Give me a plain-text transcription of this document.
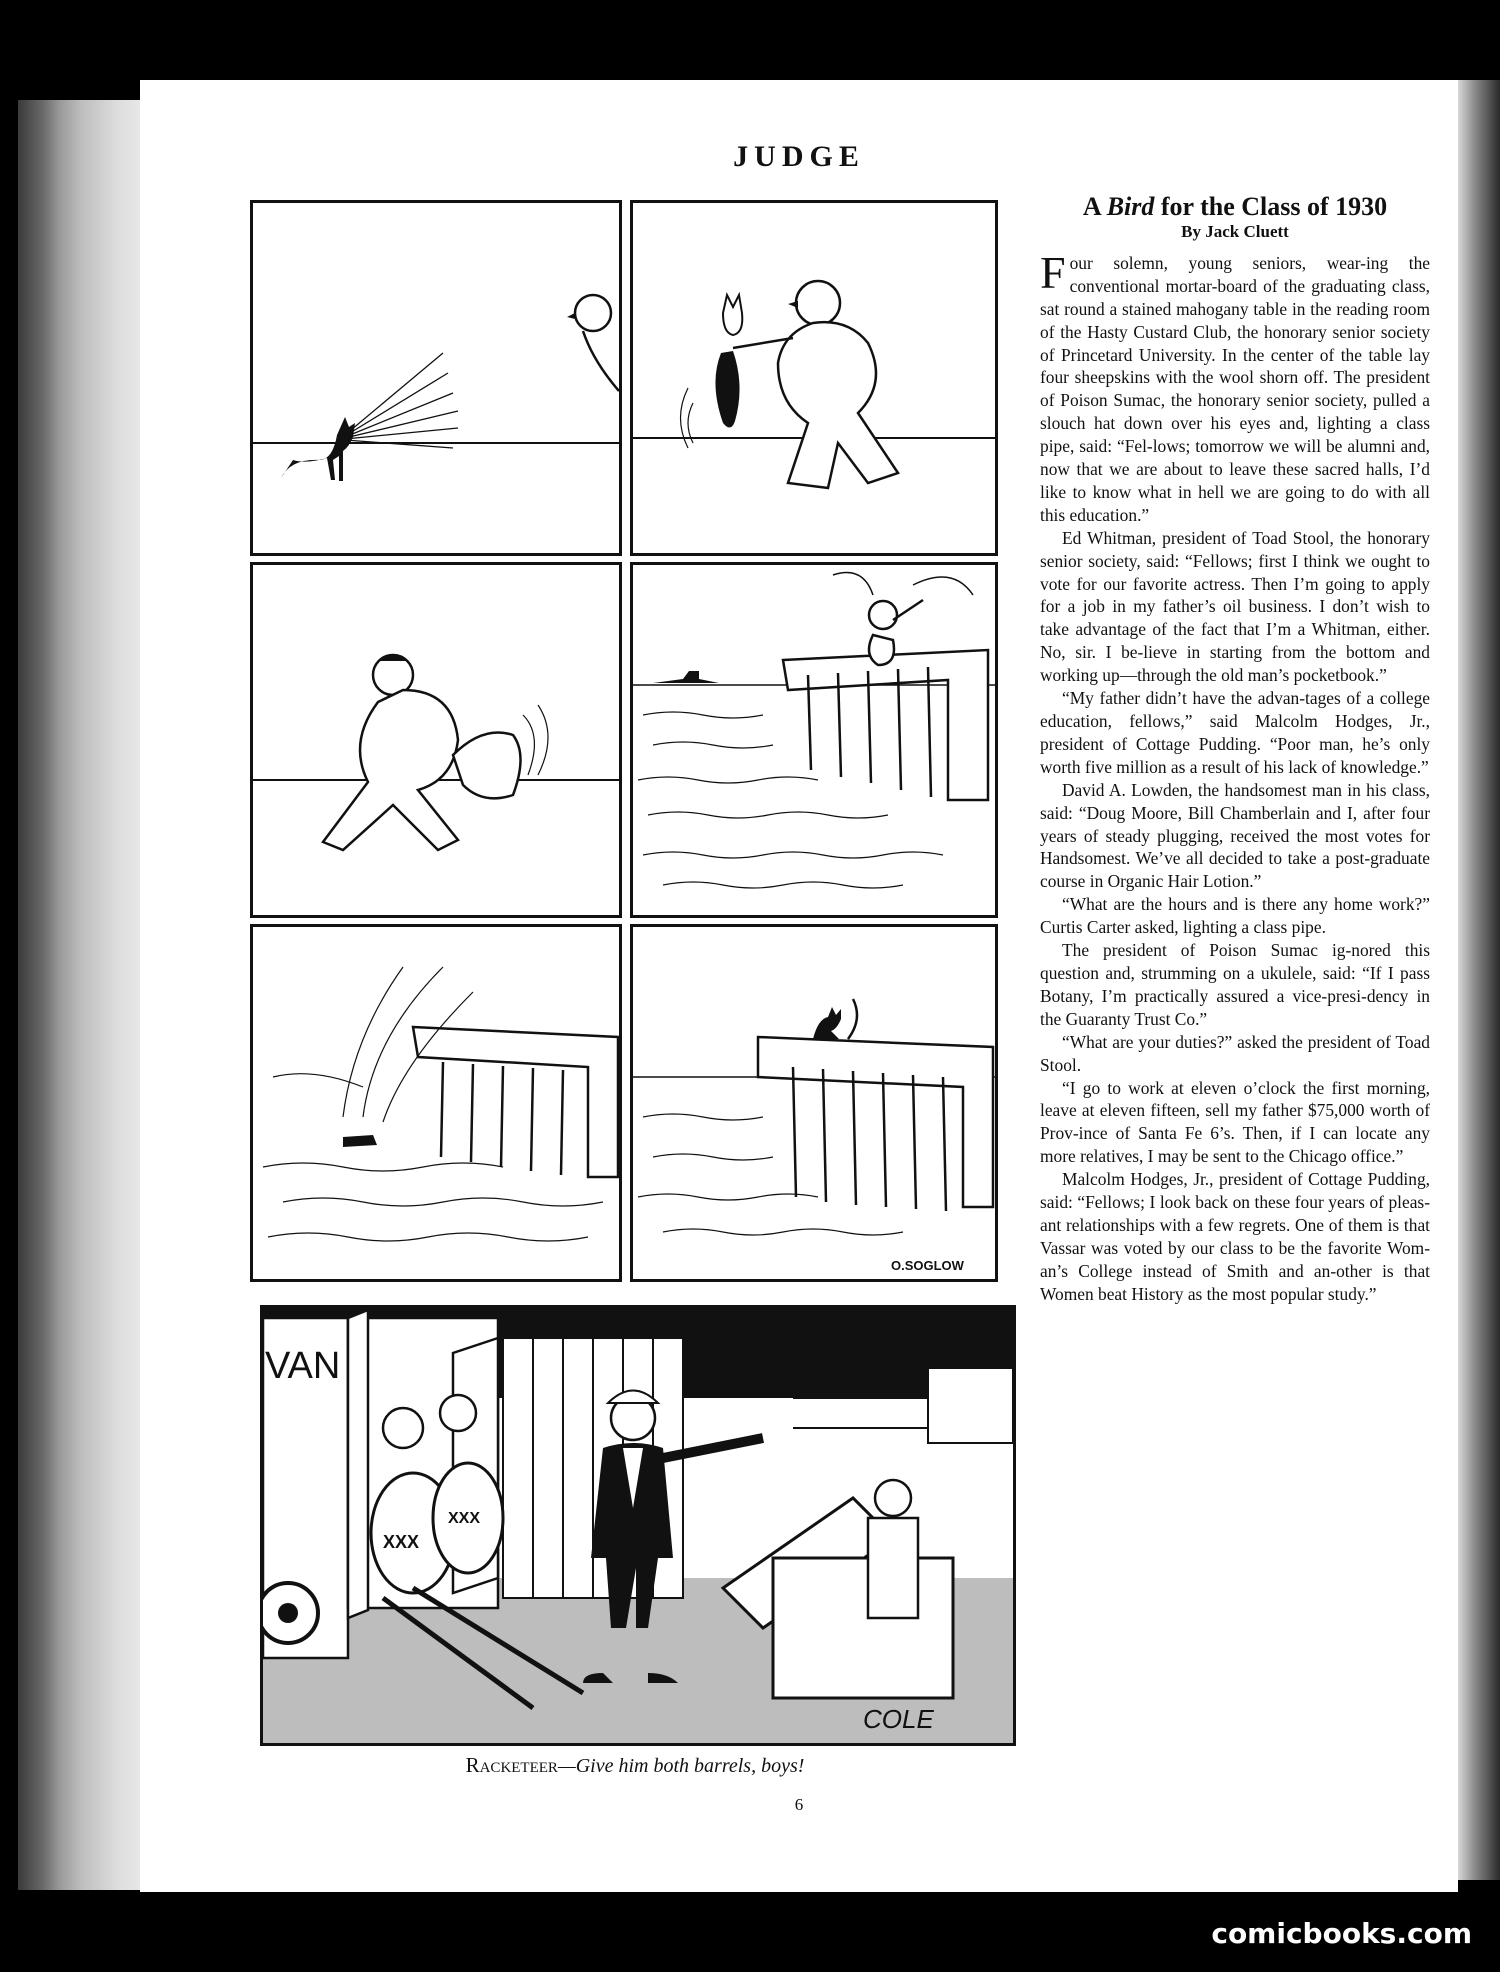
JUDGE
O.SOGLOW
VAN
XXX
XXX
COLE
Racketeer—Give him both barrels, boys!
A Bird for the Class of 1930
By Jack Cluett

Four solemn, young seniors, wear-ing the conventional mortar-board of the graduating class, sat round a stained mahogany table in the reading room of the Hasty Custard Club, the honorary senior society of Princetard University. In the center of the table lay four sheepskins with the wool shorn off. The president of Poison Sumac, the honorary senior society, pulled a slouch hat down over his eyes and, lighting a class pipe, said: “Fel-lows; tomorrow we will be alumni and, now that we are about to leave these sacred halls, I’d like to know what in hell we are going to do with all this education.”

Ed Whitman, president of Toad Stool, the honorary senior society, said: “Fellows; first I think we ought to vote for our favorite actress. Then I’m going to apply for a job in my father’s oil business. I don’t wish to take advantage of the fact that I’m a Whitman, either. No, sir. I be-lieve in starting from the bottom and working up—through the old man’s pocketbook.”

“My father didn’t have the advan-tages of a college education, fellows,” said Malcolm Hodges, Jr., president of Cottage Pudding. “Poor man, he’s only worth five million as a result of his lack of knowledge.”

David A. Lowden, the handsomest man in his class, said: “Doug Moore, Bill Chamberlain and I, after four years of steady plugging, received the most votes for Handsomest. We’ve all decided to take a post-graduate course in Organic Hair Lotion.”

“What are the hours and is there any home work?” Curtis Carter asked, lighting a class pipe.

The president of Poison Sumac ig-nored this question and, strumming on a ukulele, said: “If I pass Botany, I’m practically assured a vice-presi-dency in the Guaranty Trust Co.”

“What are your duties?” asked the president of Toad Stool.

“I go to work at eleven o’clock the first morning, leave at eleven fifteen, sell my father $75,000 worth of Prov-ince of Santa Fe 6’s. Then, if I can locate any more relatives, I may be sent to the Chicago office.”

Malcolm Hodges, Jr., president of Cottage Pudding, said: “Fellows; I look back on these four years of pleas-ant relationships with a few regrets. One of them is that Vassar was voted by our class to be the favorite Wom-an’s College instead of Smith and an-other is that Women beat History as the most popular study.”

6
comicbooks.com
